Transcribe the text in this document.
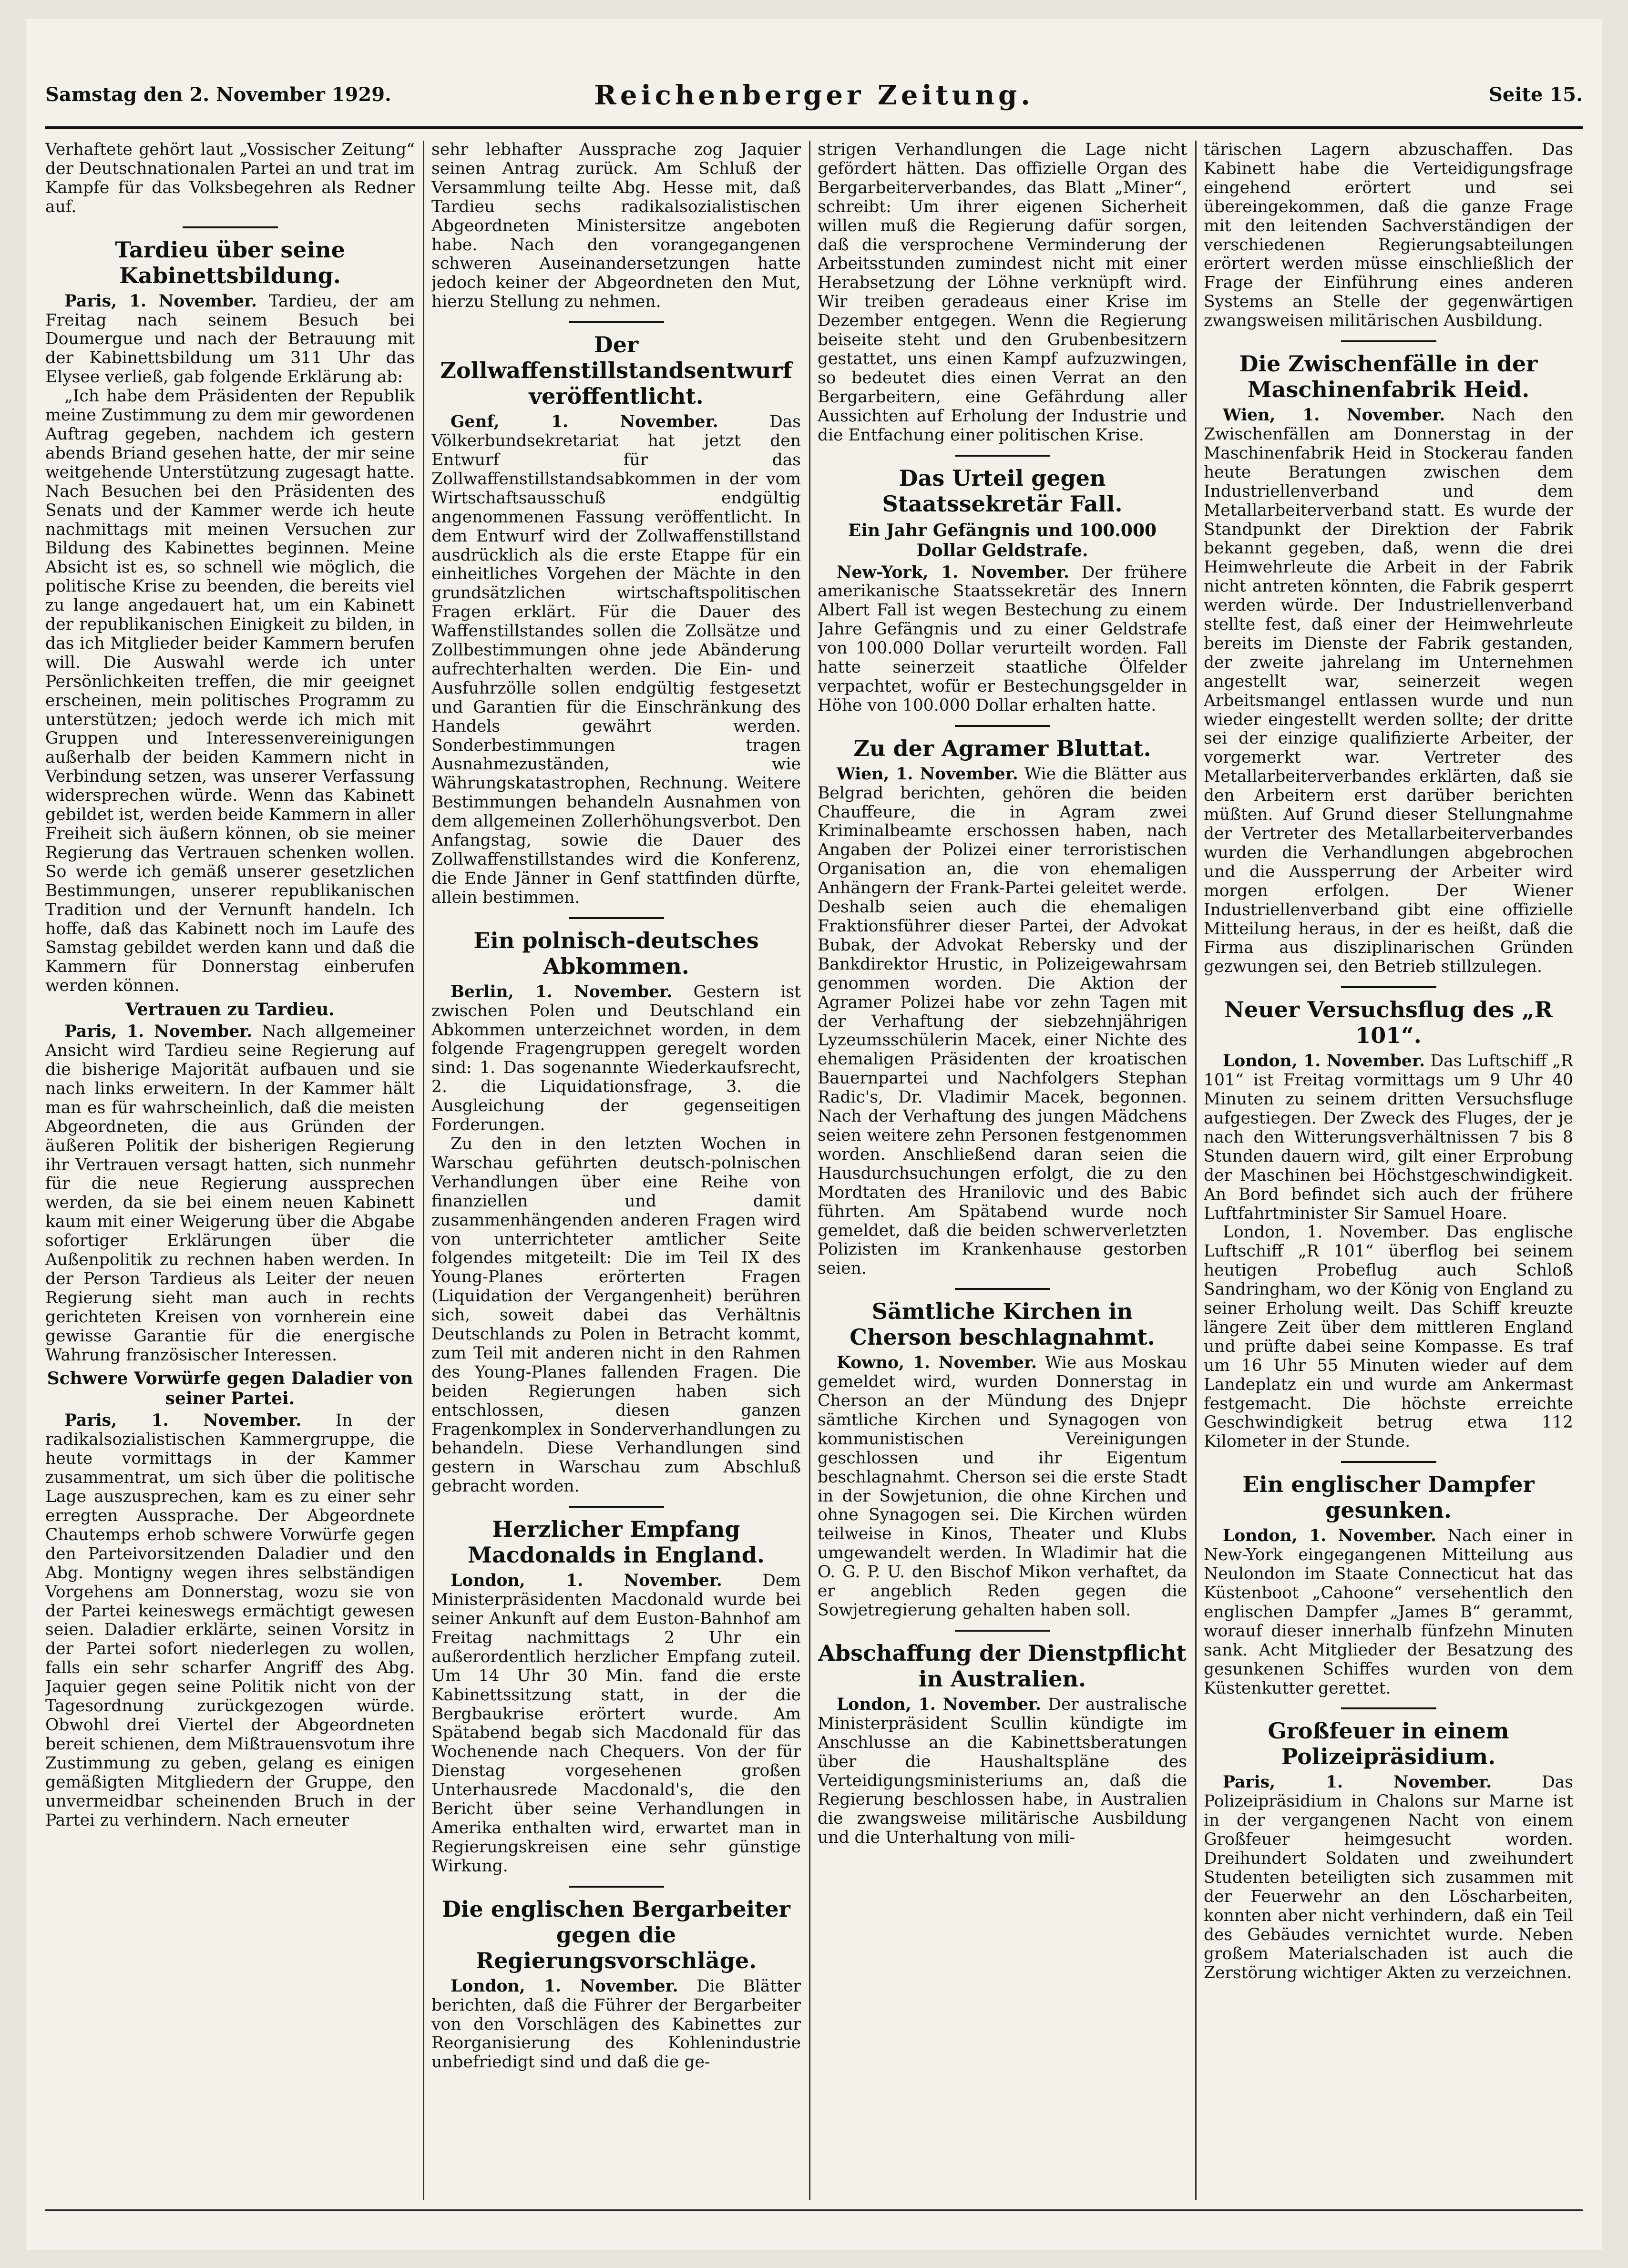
Samstag den 2. November 1929.	Reichenberger Zeitung.	Seite 15.

Verhaftete gehört laut „Vossischer Zeitung“ der Deutschnationalen Partei an und trat im Kampfe für das Volksbegehren als Redner auf.

Tardieu über seine Kabinettsbildung.

Paris, 1. November. Tardieu, der am Freitag nach seinem Besuch bei Doumergue und nach der Betrauung mit der Kabinettsbildung um 311 Uhr das Elysee verließ, gab folgende Erklärung ab:

„Ich habe dem Präsidenten der Republik meine Zustimmung zu dem mir gewordenen Auftrag gegeben, nachdem ich gestern abends Briand gesehen hatte, der mir seine weitgehende Unterstützung zugesagt hatte. Nach Besuchen bei den Präsidenten des Senats und der Kammer werde ich heute nachmittags mit meinen Versuchen zur Bildung des Kabinettes beginnen. Meine Absicht ist es, so schnell wie möglich, die politische Krise zu beenden, die bereits viel zu lange angedauert hat, um ein Kabinett der republikanischen Einigkeit zu bilden, in das ich Mitglieder beider Kammern berufen will. Die Auswahl werde ich unter Persönlichkeiten treffen, die mir geeignet erscheinen, mein politisches Programm zu unterstützen; jedoch werde ich mich mit Gruppen und Interessenvereinigungen außerhalb der beiden Kammern nicht in Verbindung setzen, was unserer Verfassung widersprechen würde. Wenn das Kabinett gebildet ist, werden beide Kammern in aller Freiheit sich äußern können, ob sie meiner Regierung das Vertrauen schenken wollen. So werde ich gemäß unserer gesetzlichen Bestimmungen, unserer republikanischen Tradition und der Vernunft handeln. Ich hoffe, daß das Kabinett noch im Laufe des Samstag gebildet werden kann und daß die Kammern für Donnerstag einberufen werden können.

Vertrauen zu Tardieu.

Paris, 1. November. Nach allgemeiner Ansicht wird Tardieu seine Regierung auf die bisherige Majorität aufbauen und sie nach links erweitern. In der Kammer hält man es für wahrscheinlich, daß die meisten Abgeordneten, die aus Gründen der äußeren Politik der bisherigen Regierung ihr Vertrauen versagt hatten, sich nunmehr für die neue Regierung aussprechen werden, da sie bei einem neuen Kabinett kaum mit einer Weigerung über die Abgabe sofortiger Erklärungen über die Außenpolitik zu rechnen haben werden. In der Person Tardieus als Leiter der neuen Regierung sieht man auch in rechts gerichteten Kreisen von vornherein eine gewisse Garantie für die energische Wahrung französischer Interessen.

Schwere Vorwürfe gegen Daladier von seiner Partei.

Paris, 1. November. In der radikalsozialistischen Kammergruppe, die heute vormittags in der Kammer zusammentrat, um sich über die politische Lage auszusprechen, kam es zu einer sehr erregten Aussprache. Der Abgeordnete Chautemps erhob schwere Vorwürfe gegen den Parteivorsitzenden Daladier und den Abg. Montigny wegen ihres selbständigen Vorgehens am Donnerstag, wozu sie von der Partei keineswegs ermächtigt gewesen seien. Daladier erklärte, seinen Vorsitz in der Partei sofort niederlegen zu wollen, falls ein sehr scharfer Angriff des Abg. Jaquier gegen seine Politik nicht von der Tagesordnung zurückgezogen würde. Obwohl drei Viertel der Abgeordneten bereit schienen, dem Mißtrauensvotum ihre Zustimmung zu geben, gelang es einigen gemäßigten Mitgliedern der Gruppe, den unvermeidbar scheinenden Bruch in der Partei zu verhindern. Nach erneuter

sehr lebhafter Aussprache zog Jaquier seinen Antrag zurück. Am Schluß der Versammlung teilte Abg. Hesse mit, daß Tardieu sechs radikalsozialistischen Abgeordneten Ministersitze angeboten habe. Nach den vorangegangenen schweren Auseinandersetzungen hatte jedoch keiner der Abgeordneten den Mut, hierzu Stellung zu nehmen.

Der Zollwaffenstillstandsentwurf veröffentlicht.

Genf, 1. November.	Das Völkerbundsekretariat hat jetzt den Entwurf für das Zollwaffenstillstandsabkommen in der vom Wirtschaftsausschuß endgültig angenommenen Fassung veröffentlicht. In dem Entwurf wird der Zollwaffenstillstand ausdrücklich als die erste Etappe für ein einheitliches Vorgehen der Mächte in den grundsätzlichen wirtschaftspolitischen Fragen erklärt. Für die Dauer des Waffenstillstandes sollen die Zollsätze und Zollbestimmungen ohne jede Abänderung aufrechterhalten werden. Die Ein- und Ausfuhrzölle sollen endgültig festgesetzt und Garantien für die Einschränkung des Handels gewährt werden. Sonderbestimmungen tragen Ausnahmezuständen, wie Währungskatastrophen, Rechnung. Weitere Bestimmungen behandeln Ausnahmen von dem allgemeinen Zollerhöhungsverbot. Den Anfangstag, sowie die Dauer des Zollwaffenstillstandes wird die Konferenz, die Ende Jänner in Genf stattfinden dürfte, allein bestimmen.

Ein polnisch-deutsches Abkommen.

Berlin, 1. November. Gestern ist zwischen Polen und Deutschland ein Abkommen unterzeichnet worden, in dem folgende Fragengruppen geregelt worden sind: 1. Das sogenannte Wiederkaufsrecht, 2. die Liquidationsfrage, 3. die Ausgleichung der gegenseitigen Forderungen.

Zu den in den letzten Wochen in Warschau geführten deutsch-polnischen Verhandlungen über eine Reihe von finanziellen und damit zusammenhängenden anderen Fragen wird von unterrichteter amtlicher Seite folgendes mitgeteilt: Die im Teil IX des Young-Planes erörterten Fragen (Liquidation der Vergangenheit) berühren sich, soweit dabei das Verhältnis Deutschlands zu Polen in Betracht kommt, zum Teil mit anderen nicht in den Rahmen des Young-Planes fallenden Fragen. Die beiden Regierungen haben sich entschlossen, diesen ganzen Fragenkomplex in Sonderverhandlungen zu behandeln. Diese Verhandlungen sind gestern in Warschau zum Abschluß gebracht worden.

Herzlicher Empfang Macdonalds in England.

London, 1. November. Dem Ministerpräsidenten Macdonald wurde bei seiner Ankunft auf dem Euston-Bahnhof am Freitag nachmittags 2 Uhr ein außerordentlich herzlicher Empfang zuteil. Um 14 Uhr 30 Min. fand die erste Kabinettssitzung statt, in der die Bergbaukrise erörtert wurde. Am Spätabend begab sich Macdonald für das Wochenende nach Chequers. Von der für Dienstag vorgesehenen großen Unterhausrede Macdonald's, die den Bericht über seine Verhandlungen in Amerika enthalten wird, erwartet man in Regierungskreisen eine sehr günstige Wirkung.

Die englischen Bergarbeiter gegen die Regierungsvorschläge.

London, 1. November. Die Blätter berichten, daß die Führer der Bergarbeiter von den Vorschlägen des Kabinettes zur Reorganisierung des Kohlenindustrie unbefriedigt sind und daß die ge-

strigen Verhandlungen die Lage nicht gefördert hätten. Das offizielle Organ des Bergarbeiterverbandes, das Blatt „Miner“, schreibt: Um ihrer eigenen Sicherheit willen muß die Regierung dafür sorgen, daß die versprochene Verminderung der Arbeitsstunden zumindest nicht mit einer Herabsetzung der Löhne verknüpft wird. Wir treiben geradeaus einer Krise im Dezember entgegen. Wenn die Regierung beiseite steht und den Grubenbesitzern gestattet, uns einen Kampf aufzuzwingen, so bedeutet dies einen Verrat an den Bergarbeitern, eine Gefährdung aller Aussichten auf Erholung der Industrie und die Entfachung einer politischen Krise.

Das Urteil gegen Staatssekretär Fall.
Ein Jahr Gefängnis und 100.000 Dollar Geldstrafe.

New-York, 1. November. Der frühere amerikanische Staatssekretär des Innern Albert Fall ist wegen Bestechung zu einem Jahre Gefängnis und zu einer Geldstrafe von 100.000 Dollar verurteilt worden. Fall hatte seinerzeit staatliche Ölfelder verpachtet, wofür er Bestechungsgelder in Höhe von 100.000 Dollar erhalten hatte.

Zu der Agramer Bluttat.

Wien, 1. November. Wie die Blätter aus Belgrad berichten, gehören die beiden Chauffeure, die in Agram zwei Kriminalbeamte erschossen haben, nach Angaben der Polizei einer terroristischen Organisation an, die von ehemaligen Anhängern der Frank-Partei geleitet werde. Deshalb seien auch die ehemaligen Fraktionsführer dieser Partei, der Advokat Bubak, der Advokat Rebersky und der Bankdirektor Hrustic, in Polizeigewahrsam genommen worden. Die Aktion der Agramer Polizei habe vor zehn Tagen mit der Verhaftung der siebzehnjährigen Lyzeumsschülerin Macek, einer Nichte des ehemaligen Präsidenten der kroatischen Bauernpartei und Nachfolgers Stephan Radic's, Dr. Vladimir Macek, begonnen. Nach der Verhaftung des jungen Mädchens seien weitere zehn Personen festgenommen worden. Anschließend daran seien die Hausdurchsuchungen erfolgt, die zu den Mordtaten des Hranilovic und des Babic führten. Am Spätabend wurde noch gemeldet, daß die beiden schwerverletzten Polizisten im Krankenhause gestorben seien.

Sämtliche Kirchen in Cherson beschlagnahmt.

Kowno, 1. November. Wie aus Moskau gemeldet wird, wurden Donnerstag in Cherson an der Mündung des Dnjepr sämtliche Kirchen und Synagogen von kommunistischen Vereinigungen geschlossen und ihr Eigentum beschlagnahmt. Cherson sei die erste Stadt in der Sowjetunion, die ohne Kirchen und ohne Synagogen sei. Die Kirchen würden teilweise in Kinos, Theater und Klubs umgewandelt werden. In Wladimir hat die O. G. P. U. den Bischof Mikon verhaftet, da er angeblich Reden gegen die Sowjetregierung gehalten haben soll.

Abschaffung der Dienstpflicht in Australien.

London, 1. November. Der australische Ministerpräsident Scullin kündigte im Anschlusse an die Kabinettsberatungen über die Haushaltspläne des Verteidigungsministeriums an, daß die Regierung beschlossen habe, in Australien die zwangsweise militärische Ausbildung und die Unterhaltung von mili-

tärischen Lagern abzuschaffen. Das Kabinett habe die Verteidigungsfrage eingehend erörtert und sei übereingekommen, daß die ganze Frage mit den leitenden Sachverständigen der verschiedenen Regierungsabteilungen erörtert werden müsse einschließlich der Frage der Einführung eines anderen Systems an Stelle der gegenwärtigen zwangsweisen militärischen Ausbildung.

Die Zwischenfälle in der Maschinenfabrik Heid.

Wien, 1. November. Nach den Zwischenfällen am Donnerstag in der Maschinenfabrik Heid in Stockerau fanden heute Beratungen zwischen dem Industriellenverband und dem Metallarbeiterverband statt. Es wurde der Standpunkt der Direktion der Fabrik bekannt gegeben, daß, wenn die drei Heimwehrleute die Arbeit in der Fabrik nicht antreten könnten, die Fabrik gesperrt werden würde. Der Industriellenverband stellte fest, daß einer der Heimwehrleute bereits im Dienste der Fabrik gestanden, der zweite jahrelang im Unternehmen angestellt war, seinerzeit wegen Arbeitsmangel entlassen wurde und nun wieder eingestellt werden sollte; der dritte sei der einzige qualifizierte Arbeiter, der vorgemerkt war. Vertreter des Metallarbeiterverbandes erklärten, daß sie den Arbeitern erst darüber berichten müßten. Auf Grund dieser Stellungnahme der Vertreter des Metallarbeiterverbandes wurden die Verhandlungen abgebrochen und die Aussperrung der Arbeiter wird morgen erfolgen. Der Wiener Industriellenverband gibt eine offizielle Mitteilung heraus, in der es heißt, daß die Firma aus disziplinarischen Gründen gezwungen sei, den Betrieb stillzulegen.

Neuer Versuchsflug des „R 101“.

London, 1. November. Das Luftschiff „R 101“ ist Freitag vormittags um 9 Uhr 40 Minuten zu seinem dritten Versuchsfluge aufgestiegen. Der Zweck des Fluges, der je nach den Witterungsverhältnissen 7 bis 8 Stunden dauern wird, gilt einer Erprobung der Maschinen bei Höchstgeschwindigkeit. An Bord befindet sich auch der frühere Luftfahrtminister Sir Samuel Hoare.

London, 1. November. Das englische Luftschiff „R 101“ überflog bei seinem heutigen Probeflug auch Schloß Sandringham, wo der König von England zu seiner Erholung weilt. Das Schiff kreuzte längere Zeit über dem mittleren England und prüfte dabei seine Kompasse. Es traf um 16 Uhr 55 Minuten wieder auf dem Landeplatz ein und wurde am Ankermast festgemacht. Die höchste erreichte Geschwindigkeit betrug etwa 112 Kilometer in der Stunde.

Ein englischer Dampfer gesunken.

London, 1. November. Nach einer in New-York eingegangenen Mitteilung aus Neulondon im Staate Connecticut hat das Küstenboot „Cahoone“ versehentlich den englischen Dampfer „James B“ gerammt, worauf dieser innerhalb fünfzehn Minuten sank. Acht Mitglieder der Besatzung des gesunkenen Schiffes wurden von dem Küstenkutter gerettet.

Großfeuer in einem Polizeipräsidium.

Paris, 1. November.	Das Polizeipräsidium in Chalons sur Marne ist in der vergangenen Nacht von einem Großfeuer heimgesucht worden. Dreihundert Soldaten und zweihundert Studenten beteiligten sich zusammen mit der Feuerwehr an den Löscharbeiten, konnten aber nicht verhindern, daß ein Teil des Gebäudes vernichtet wurde. Neben großem Materialschaden ist auch die Zerstörung wichtiger Akten zu verzeichnen.
